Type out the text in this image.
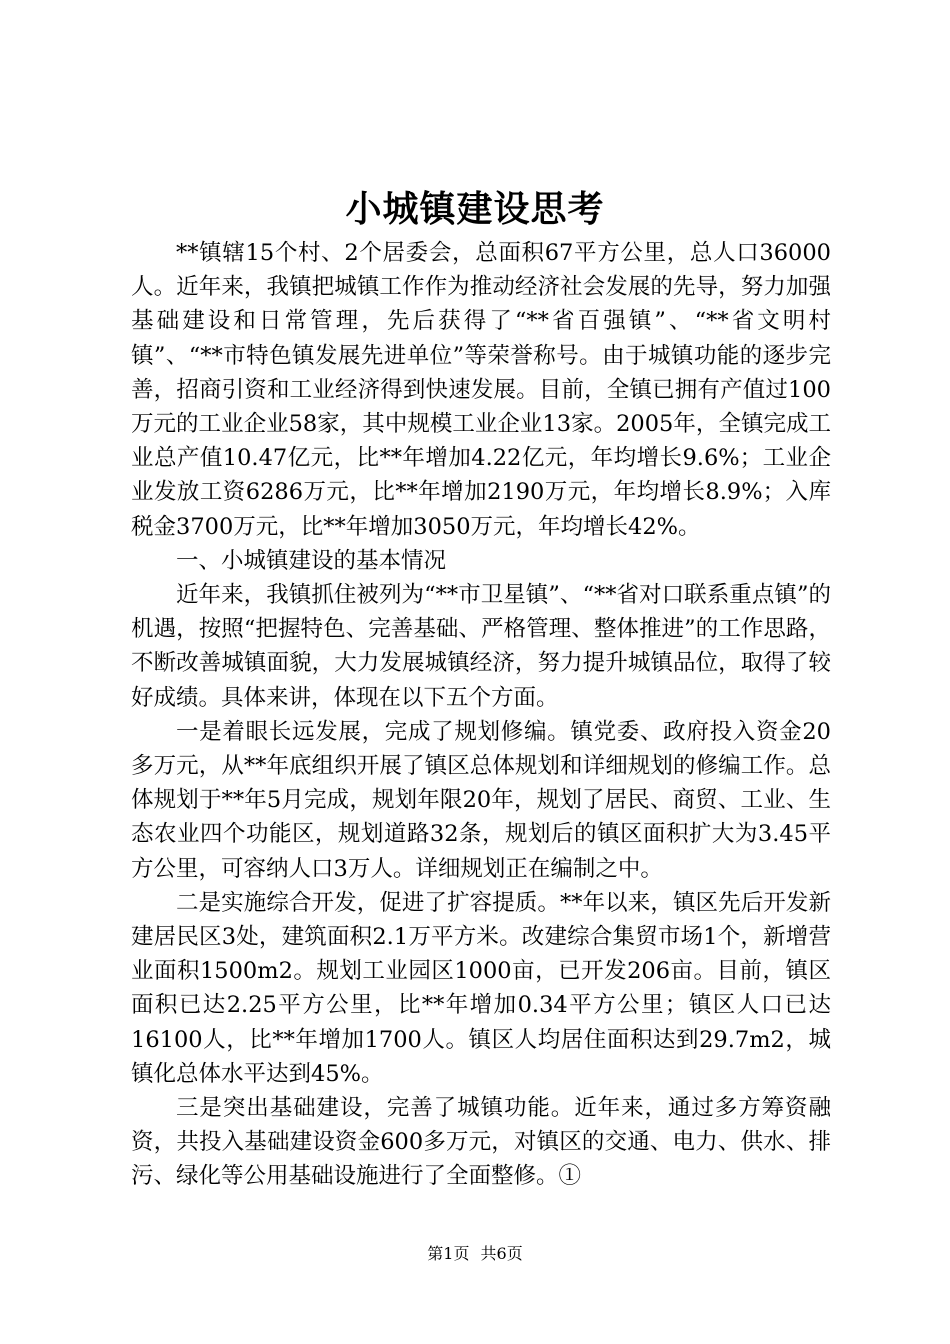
小城镇建设思考

**镇辖15个村、2个居委会，总面积67平方公里，总人口36000人。近年来，我镇把城镇工作作为推动经济社会发展的先导，努力加强基础建设和日常管理，先后获得了“**省百强镇”、“**省文明村镇”、“**市特色镇发展先进单位”等荣誉称号。由于城镇功能的逐步完善，招商引资和工业经济得到快速发展。目前，全镇已拥有产值过100万元的工业企业58家，其中规模工业企业13家。2005年，全镇完成工业总产值10.47亿元，比**年增加4.22亿元，年均增长9.6%；工业企业发放工资6286万元，比**年增加2190万元，年均增长8.9%；入库税金3700万元，比**年增加3050万元，年均增长42%。

一、小城镇建设的基本情况

近年来，我镇抓住被列为“**市卫星镇”、“**省对口联系重点镇”的机遇，按照“把握特色、完善基础、严格管理、整体推进”的工作思路，不断改善城镇面貌，大力发展城镇经济，努力提升城镇品位，取得了较好成绩。具体来讲，体现在以下五个方面。

一是着眼长远发展，完成了规划修编。镇党委、政府投入资金20多万元，从**年底组织开展了镇区总体规划和详细规划的修编工作。总体规划于**年5月完成，规划年限20年，规划了居民、商贸、工业、生态农业四个功能区，规划道路32条，规划后的镇区面积扩大为3.45平方公里，可容纳人口3万人。详细规划正在编制之中。

二是实施综合开发，促进了扩容提质。**年以来，镇区先后开发新建居民区3处，建筑面积2.1万平方米。改建综合集贸市场1个，新增营业面积1500m2。规划工业园区1000亩，已开发206亩。目前，镇区面积已达2.25平方公里，比**年增加0.34平方公里；镇区人口已达16100人，比**年增加1700人。镇区人均居住面积达到29.7m2，城镇化总体水平达到45%。

三是突出基础建设，完善了城镇功能。近年来，通过多方筹资融资，共投入基础建设资金600多万元，对镇区的交通、电力、供水、排污、绿化等公用基础设施进行了全面整修。①

第1页 共6页
